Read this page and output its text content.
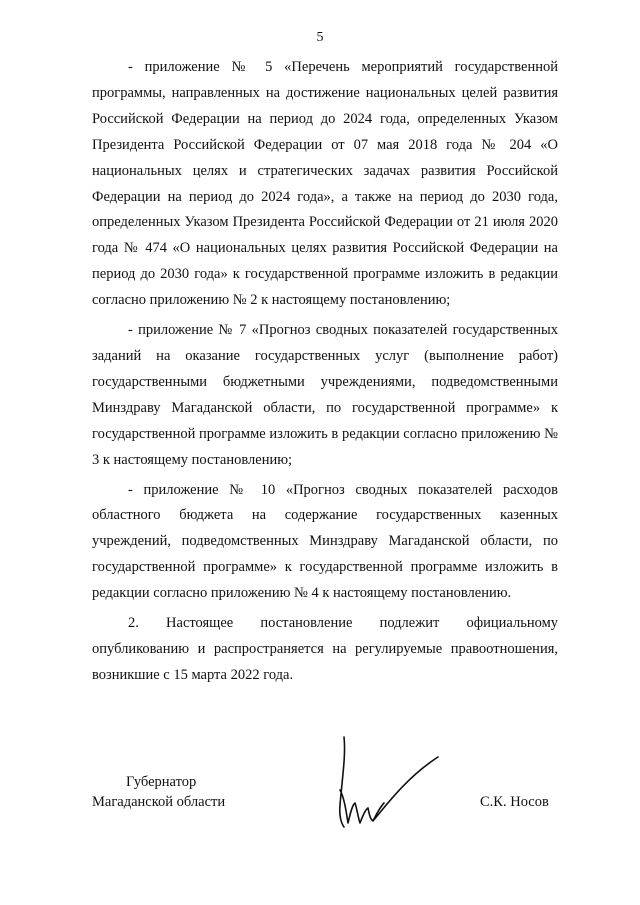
5

- приложение № 5 «Перечень мероприятий государственной программы, направленных на достижение национальных целей развития Российской Федерации на период до 2024 года, определенных Указом Президента Российской Федерации от 07 мая 2018 года № 204 «О национальных целях и стратегических задачах развития Российской Федерации на период до 2024 года», а также на период до 2030 года, определенных Указом Президента Российской Федерации от 21 июля 2020 года № 474 «О национальных целях развития Российской Федерации на период до 2030 года» к государственной программе изложить в редакции согласно приложению № 2 к настоящему постановлению;

- приложение № 7 «Прогноз сводных показателей государственных заданий на оказание государственных услуг (выполнение работ) государственными бюджетными учреждениями, подведомственными Минздраву Магаданской области, по государственной программе» к государственной программе изложить в редакции согласно приложению № 3 к настоящему постановлению;

- приложение № 10 «Прогноз сводных показателей расходов областного бюджета на содержание государственных казенных учреждений, подведомственных Минздраву Магаданской области, по государственной программе» к государственной программе изложить в редакции согласно приложению № 4 к настоящему постановлению.

2. Настоящее постановление подлежит официальному опубликованию и распространяется на регулируемые правоотношения, возникшие с 15 марта 2022 года.

Губернатор
Магаданской области	С.К. Носов
